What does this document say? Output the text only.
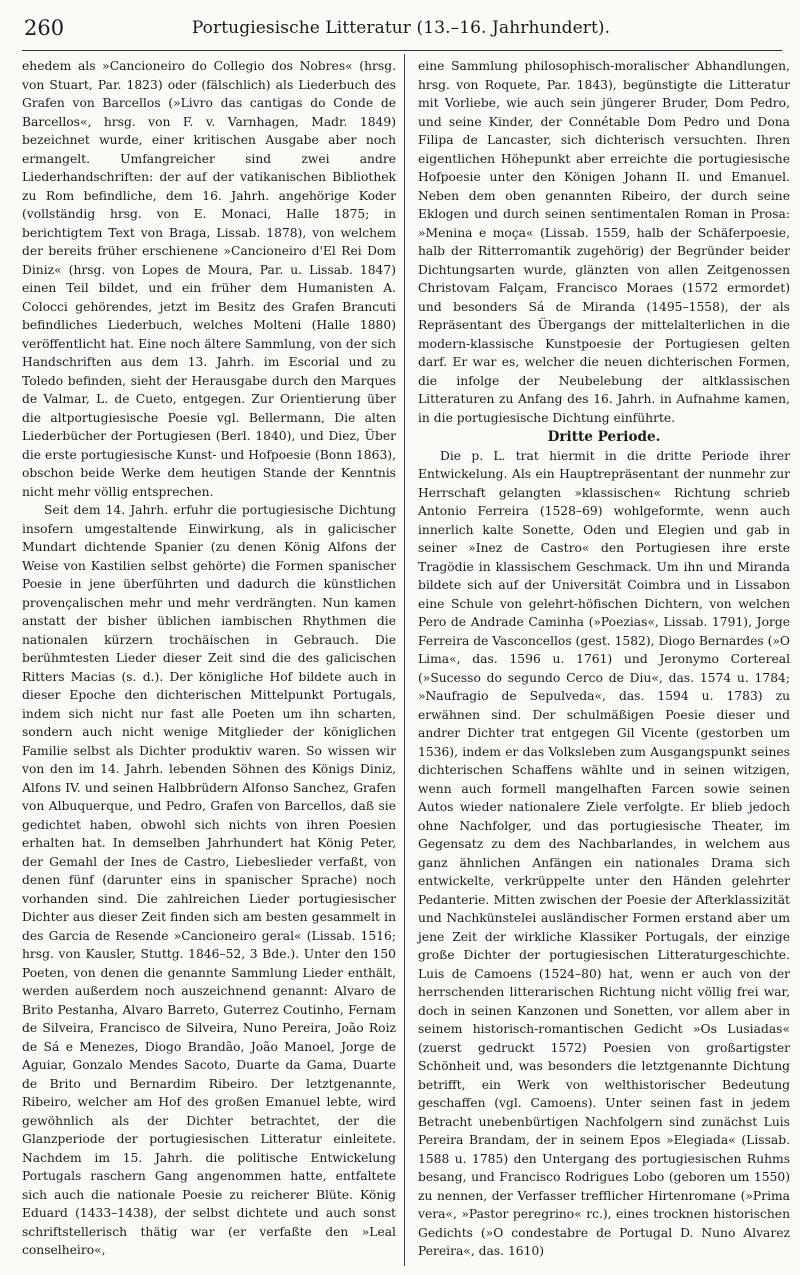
260	Portugiesische Litteratur (13.–16. Jahrhundert).

ehedem als »Cancioneiro do Collegio dos Nobres« (hrsg. von Stuart, Par. 1823) oder (fälschlich) als Liederbuch des Grafen von Barcellos (»Livro das cantigas do Conde de Barcellos«, hrsg. von F. v. Varnhagen, Madr. 1849) bezeichnet wurde, einer kritischen Ausgabe aber noch ermangelt. Umfangreicher sind zwei andre Liederhandschriften: der auf der vatikanischen Bibliothek zu Rom befindliche, dem 16. Jahrh. angehörige Koder (vollständig hrsg. von E. Monaci, Halle 1875; in berichtigtem Text von Braga, Lissab. 1878), von welchem der bereits früher erschienene »Cancioneiro d'El Rei Dom Diniz« (hrsg. von Lopes de Moura, Par. u. Lissab. 1847) einen Teil bildet, und ein früher dem Humanisten A. Colocci gehörendes, jetzt im Besitz des Grafen Brancuti befindliches Liederbuch, welches Molteni (Halle 1880) veröffentlicht hat. Eine noch ältere Sammlung, von der sich Handschriften aus dem 13. Jahrh. im Escorial und zu Toledo befinden, sieht der Herausgabe durch den Marques de Valmar, L. de Cueto, entgegen. Zur Orientierung über die altportugiesische Poesie vgl. Bellermann, Die alten Liederbücher der Portugiesen (Berl. 1840), und Diez, Über die erste portugiesische Kunst- und Hofpoesie (Bonn 1863), obschon beide Werke dem heutigen Stande der Kenntnis nicht mehr völlig entsprechen.

Seit dem 14. Jahrh. erfuhr die portugiesische Dichtung insofern umgestaltende Einwirkung, als in galicischer Mundart dichtende Spanier (zu denen König Alfons der Weise von Kastilien selbst gehörte) die Formen spanischer Poesie in jene überführten und dadurch die künstlichen provençalischen mehr und mehr verdrängten. Nun kamen anstatt der bisher üblichen iambischen Rhythmen die nationalen kürzern trochäischen in Gebrauch. Die berühmtesten Lieder dieser Zeit sind die des galicischen Ritters Macias (s. d.). Der königliche Hof bildete auch in dieser Epoche den dichterischen Mittelpunkt Portugals, indem sich nicht nur fast alle Poeten um ihn scharten, sondern auch nicht wenige Mitglieder der königlichen Familie selbst als Dichter produktiv waren. So wissen wir von den im 14. Jahrh. lebenden Söhnen des Königs Diniz, Alfons IV. und seinen Halbbrüdern Alfonso Sanchez, Grafen von Albuquerque, und Pedro, Grafen von Barcellos, daß sie gedichtet haben, obwohl sich nichts von ihren Poesien erhalten hat. In demselben Jahrhundert hat König Peter, der Gemahl der Ines de Castro, Liebeslieder verfaßt, von denen fünf (darunter eins in spanischer Sprache) noch vorhanden sind. Die zahlreichen Lieder portugiesischer Dichter aus dieser Zeit finden sich am besten gesammelt in des Garcia de Resende »Cancioneiro geral« (Lissab. 1516; hrsg. von Kausler, Stuttg. 1846–52, 3 Bde.). Unter den 150 Poeten, von denen die genannte Sammlung Lieder enthält, werden außerdem noch auszeichnend genannt: Alvaro de Brito Pestanha, Alvaro Barreto, Guterrez Coutinho, Fernam de Silveira, Francisco de Silveira, Nuno Pereira, João Roiz de Sá e Menezes, Diogo Brandão, João Manoel, Jorge de Aguiar, Gonzalo Mendes Sacoto, Duarte da Gama, Duarte de Brito und Bernardim Ribeiro. Der letztgenannte, Ribeiro, welcher am Hof des großen Emanuel lebte, wird gewöhnlich als der Dichter betrachtet, der die Glanzperiode der portugiesischen Litteratur einleitete. Nachdem im 15. Jahrh. die politische Entwickelung Portugals raschern Gang angenommen hatte, entfaltete sich auch die nationale Poesie zu reicherer Blüte. König Eduard (1433–1438), der selbst dichtete und auch sonst schriftstellerisch thätig war (er verfaßte den »Leal conselheiro«,

eine Sammlung philosophisch-moralischer Abhandlungen, hrsg. von Roquete, Par. 1843), begünstigte die Litteratur mit Vorliebe, wie auch sein jüngerer Bruder, Dom Pedro, und seine Kinder, der Connétable Dom Pedro und Dona Filipa de Lancaster, sich dichterisch versuchten. Ihren eigentlichen Höhepunkt aber erreichte die portugiesische Hofpoesie unter den Königen Johann II. und Emanuel. Neben dem oben genannten Ribeiro, der durch seine Eklogen und durch seinen sentimentalen Roman in Prosa: »Menina e moça« (Lissab. 1559, halb der Schäferpoesie, halb der Ritterromantik zugehörig) der Begründer beider Dichtungsarten wurde, glänzten von allen Zeitgenossen Christovam Falçam, Francisco Moraes (1572 ermordet) und besonders Sá de Miranda (1495–1558), der als Repräsentant des Übergangs der mittelalterlichen in die modern-klassische Kunstpoesie der Portugiesen gelten darf. Er war es, welcher die neuen dichterischen Formen, die infolge der Neubelebung der altklassischen Litteraturen zu Anfang des 16. Jahrh. in Aufnahme kamen, in die portugiesische Dichtung einführte.

Dritte Periode.

Die p. L. trat hiermit in die dritte Periode ihrer Entwickelung. Als ein Hauptrepräsentant der nunmehr zur Herrschaft gelangten »klassischen« Richtung schrieb Antonio Ferreira (1528–69) wohlgeformte, wenn auch innerlich kalte Sonette, Oden und Elegien und gab in seiner »Inez de Castro« den Portugiesen ihre erste Tragödie in klassischem Geschmack. Um ihn und Miranda bildete sich auf der Universität Coimbra und in Lissabon eine Schule von gelehrt-höfischen Dichtern, von welchen Pero de Andrade Caminha (»Poezias«, Lissab. 1791), Jorge Ferreira de Vasconcellos (gest. 1582), Diogo Bernardes (»O Lima«, das. 1596 u. 1761) und Jeronymo Cortereal (»Sucesso do segundo Cerco de Diu«, das. 1574 u. 1784; »Naufragio de Sepulveda«, das. 1594 u. 1783) zu erwähnen sind. Der schulmäßigen Poesie dieser und andrer Dichter trat entgegen Gil Vicente (gestorben um 1536), indem er das Volksleben zum Ausgangspunkt seines dichterischen Schaffens wählte und in seinen witzigen, wenn auch formell mangelhaften Farcen sowie seinen Autos wieder nationalere Ziele verfolgte. Er blieb jedoch ohne Nachfolger, und das portugiesische Theater, im Gegensatz zu dem des Nachbarlandes, in welchem aus ganz ähnlichen Anfängen ein nationales Drama sich entwickelte, verkrüppelte unter den Händen gelehrter Pedanterie. Mitten zwischen der Poesie der Afterklassizität und Nachkünstelei ausländischer Formen erstand aber um jene Zeit der wirkliche Klassiker Portugals, der einzige große Dichter der portugiesischen Litteraturgeschichte. Luis de Camoens (1524–80) hat, wenn er auch von der herrschenden litterarischen Richtung nicht völlig frei war, doch in seinen Kanzonen und Sonetten, vor allem aber in seinem historisch-romantischen Gedicht »Os Lusiadas« (zuerst gedruckt 1572) Poesien von großartigster Schönheit und, was besonders die letztgenannte Dichtung betrifft, ein Werk von welthistorischer Bedeutung geschaffen (vgl. Camoens). Unter seinen fast in jedem Betracht unebenbürtigen Nachfolgern sind zunächst Luis Pereira Brandam, der in seinem Epos »Elegiada« (Lissab. 1588 u. 1785) den Untergang des portugiesischen Ruhms besang, und Francisco Rodrigues Lobo (geboren um 1550) zu nennen, der Verfasser trefflicher Hirtenromane (»Prima vera«, »Pastor peregrino« rc.), eines trocknen historischen Gedichts (»O condestabre de Portugal D. Nuno Alvarez Pereira«, das. 1610)
